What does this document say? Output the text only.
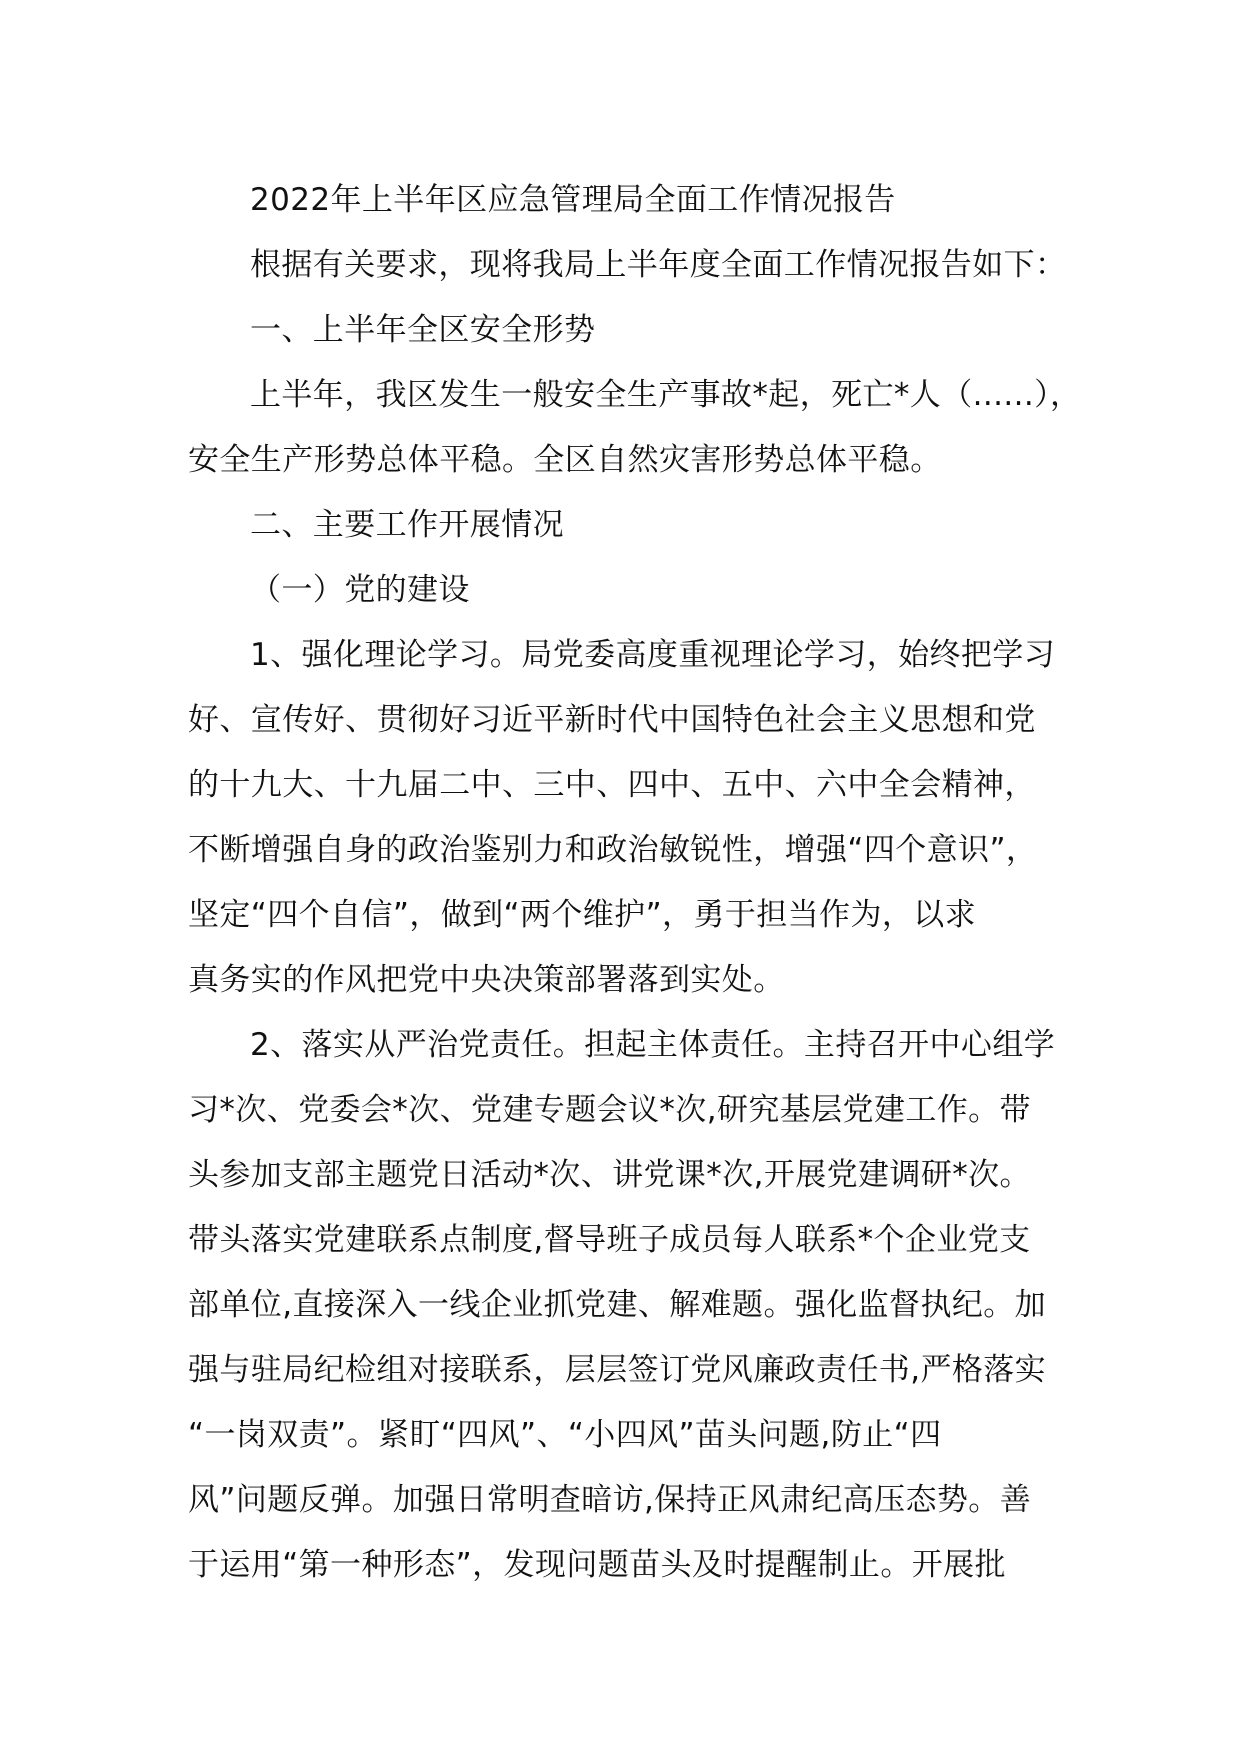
2022年上半年区应急管理局全面工作情况报告
根据有关要求，现将我局上半年度全面工作情况报告如下：
一、上半年全区安全形势
上半年，我区发生一般安全生产事故*起，死亡*人（......），
安全生产形势总体平稳。全区自然灾害形势总体平稳。
二、主要工作开展情况
（一）党的建设
1、强化理论学习。局党委高度重视理论学习，始终把学习
好、宣传好、贯彻好习近平新时代中国特色社会主义思想和党
的十九大、十九届二中、三中、四中、五中、六中全会精神，
不断增强自身的政治鉴别力和政治敏锐性，增强“四个意识”，
坚定“四个自信”，做到“两个维护”，勇于担当作为，以求
真务实的作风把党中央决策部署落到实处。
2、落实从严治党责任。担起主体责任。主持召开中心组学
习*次、党委会*次、党建专题会议*次,研究基层党建工作。带
头参加支部主题党日活动*次、讲党课*次,开展党建调研*次。
带头落实党建联系点制度,督导班子成员每人联系*个企业党支
部单位,直接深入一线企业抓党建、解难题。强化监督执纪。加
强与驻局纪检组对接联系，层层签订党风廉政责任书,严格落实
“一岗双责”。紧盯“四风”、“小四风”苗头问题,防止“四
风”问题反弹。加强日常明查暗访,保持正风肃纪高压态势。善
于运用“第一种形态”，发现问题苗头及时提醒制止。开展批
